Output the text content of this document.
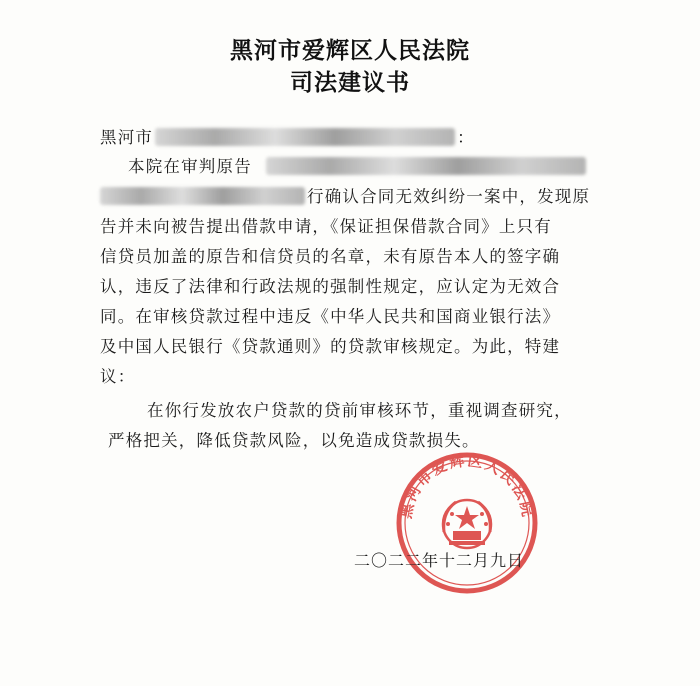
黑河市爱辉区人民法院
司法建议书
黑河市	：
本院在审判原告
行确认合同无效纠纷一案中，发现原
告并未向被告提出借款申请，《保证担保借款合同》上只有
信贷员加盖的原告和信贷员的名章，未有原告本人的签字确
认，违反了法律和行政法规的强制性规定，应认定为无效合
同。在审核贷款过程中违反《中华人民共和国商业银行法》
及中国人民银行《贷款通则》的贷款审核规定。为此，特建
议：
在你行发放农户贷款的贷前审核环节，重视调查研究，
严格把关，降低贷款风险，以免造成贷款损失。
黑河市爱辉区人民法院
二〇二二年十二月九日
